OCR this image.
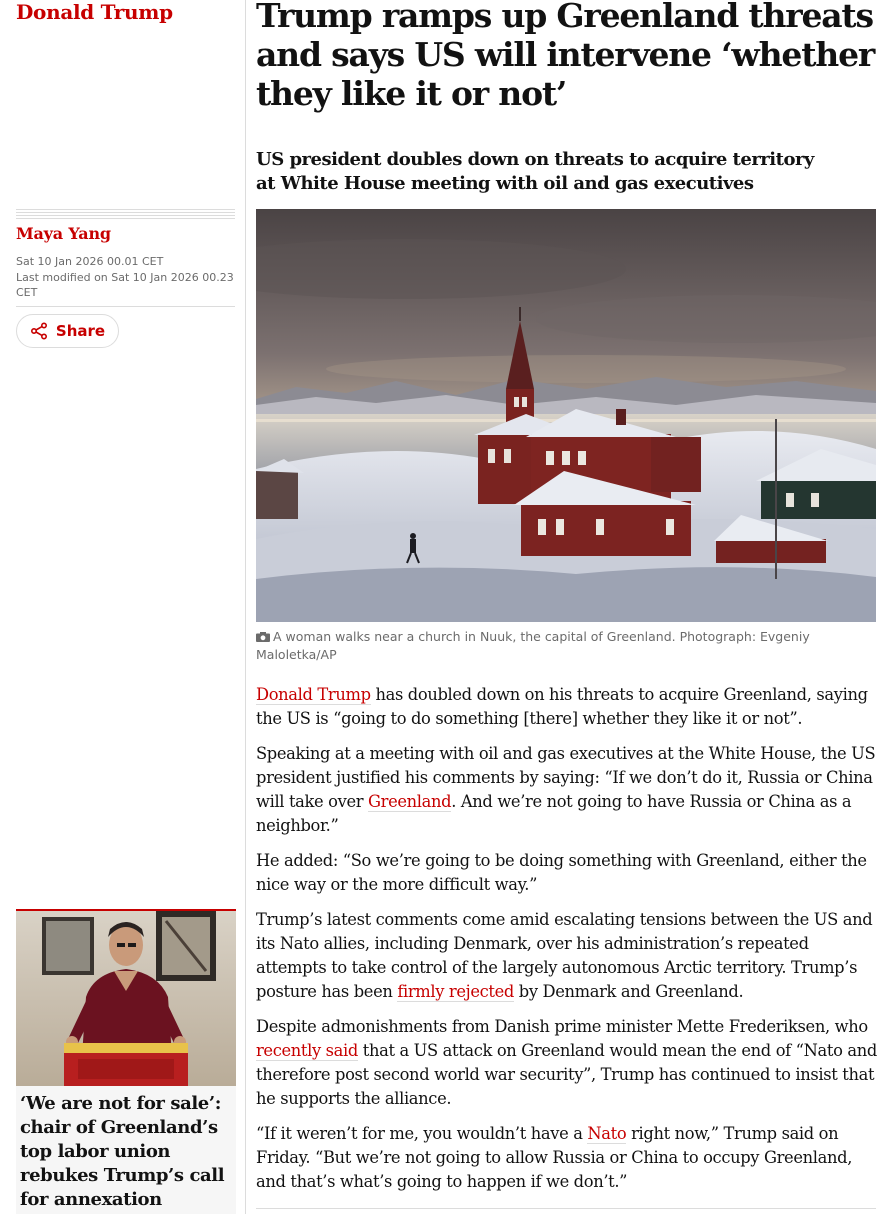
Donald Trump
Maya Yang
Sat 10 Jan 2026 00.01 CET
Last modified on Sat 10 Jan 2026 00.23
CET
Share
‘We are not for sale’: chair of Greenland’s top labor union rebukes Trump’s call for annexation
Trump ramps up Greenland threats and says US will intervene ‘whether they like it or not’
US president doubles down on threats to acquire territory at White House meeting with oil and gas executives
A woman walks near a church in Nuuk, the capital of Greenland. Photograph: Evgeniy Maloletka/AP

Donald Trump has doubled down on his threats to acquire Greenland, saying the US is “going to do something [there] whether they like it or not”.

Speaking at a meeting with oil and gas executives at the White House, the US president justified his comments by saying: “If we don’t do it, Russia or China will take over Greenland. And we’re not going to have Russia or China as a neighbor.”

He added: “So we’re going to be doing something with Greenland, either the nice way or the more difficult way.”

Trump’s latest comments come amid escalating tensions between the US and its Nato allies, including Denmark, over his administration’s repeated attempts to take control of the largely autonomous Arctic territory. Trump’s posture has been firmly rejected by Denmark and Greenland.

Despite admonishments from Danish prime minister Mette Frederiksen, who recently said that a US attack on Greenland would mean the end of “Nato and therefore post second world war security”, Trump has continued to insist that he supports the alliance.

“If it weren’t for me, you wouldn’t have a Nato right now,” Trump said on Friday. “But we’re not going to allow Russia or China to occupy Greenland, and that’s what’s going to happen if we don’t.”
